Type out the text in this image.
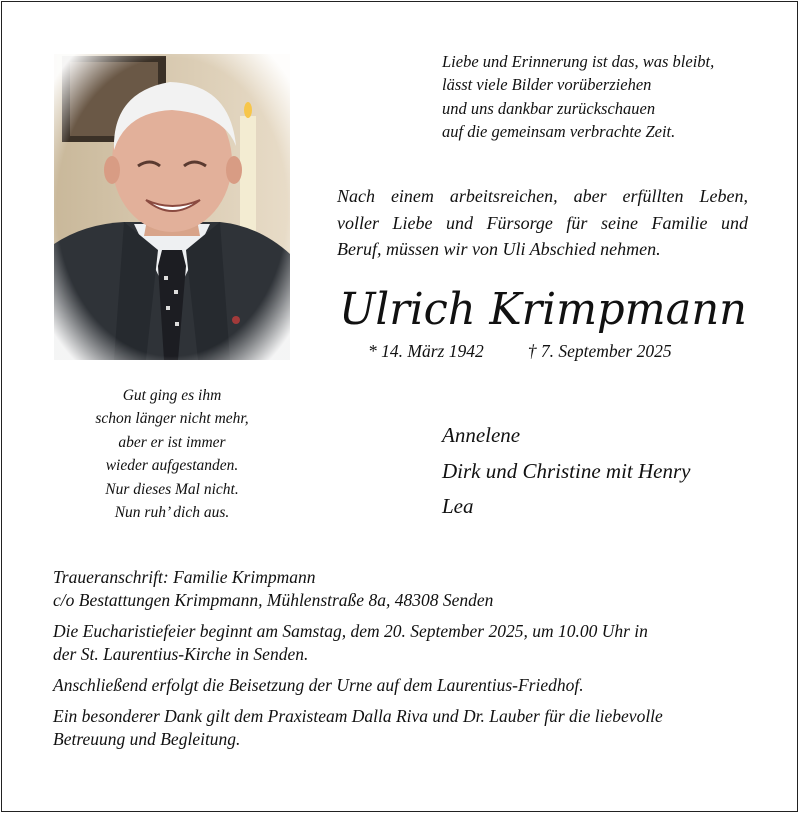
Liebe und Erinnerung ist das, was bleibt,
lässt viele Bilder vorüberziehen
und uns dankbar zurückschauen
auf die gemeinsam verbrachte Zeit.
Nach einem arbeitsreichen, aber erfüllten Leben,
voller Liebe und Fürsorge für seine Familie und
Beruf, müssen wir von Uli Abschied nehmen.
Ulrich Krimpmann
* 14. März 1942	† 7. September 2025
Gut ging es ihm
schon länger nicht mehr,
aber er ist immer
wieder aufgestanden.
Nur dieses Mal nicht.
Nun ruh’ dich aus.
Annelene
Dirk und Christine mit Henry
Lea
Traueranschrift: Familie Krimpmann
c/o Bestattungen Krimpmann, Mühlenstraße 8a, 48308 Senden
Die Eucharistiefeier beginnt am Samstag, dem 20. September 2025, um 10.00 Uhr in
der St. Laurentius-Kirche in Senden.
Anschließend erfolgt die Beisetzung der Urne auf dem Laurentius-Friedhof.
Ein besonderer Dank gilt dem Praxisteam Dalla Riva und Dr. Lauber für die liebevolle
Betreuung und Begleitung.
